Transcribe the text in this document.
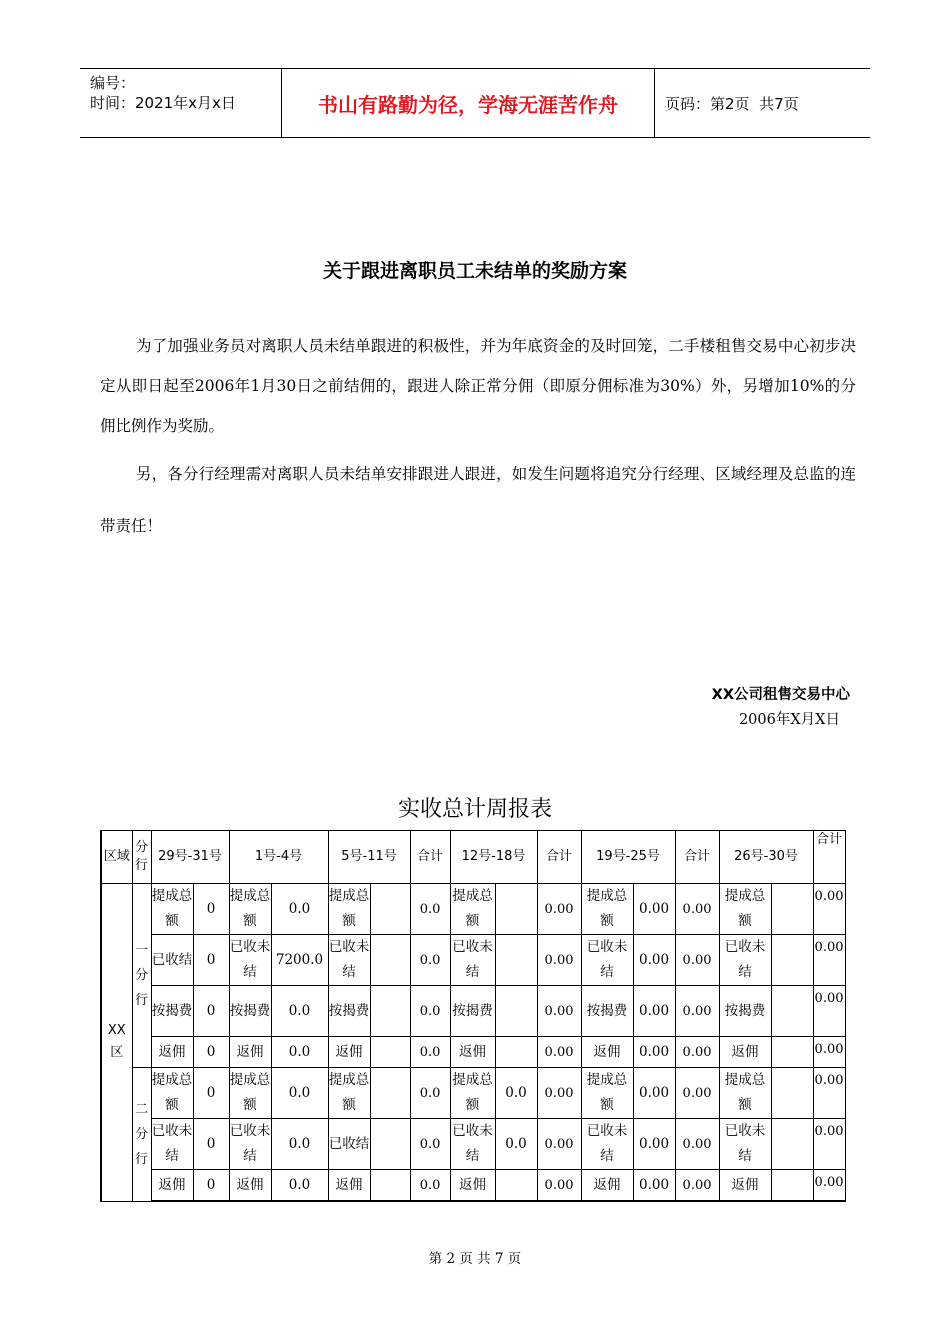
编号：
时间：2021年x月x日	书山有路勤为径，学海无涯苦作舟	页码：第2页  共7页
关于跟进离职员工未结单的奖励方案
为了加强业务员对离职人员未结单跟进的积极性，并为年底资金的及时回笼，二手楼租售交易中心初步决定从即日起至2006年1月30日之前结佣的，跟进人除正常分佣（即原分佣标准为30%）外，另增加10%的分佣比例作为奖励。
另，各分行经理需对离职人员未结单安排跟进人跟进，如发生问题将追究分行经理、区域经理及总监的连带责任！
XX公司租售交易中心
2006年X月X日
实收总计周报表
区域	分行	29号-31号		1号-4号		5号-11号		合计	12号-18号		合计	19号-25号		合计	26号-30号		合计
XX区	一分行	提成总额	0	提成总额	0.0	提成总额		0.0	提成总额		0.00	提成总额	0.00	0.00	提成总额		0.00
		已收结	0	已收未结	7200.0	已收未结		0.0	已收未结		0.00	已收未结	0.00	0.00	已收未结		0.00
		按揭费	0	按揭费	0.0	按揭费		0.0	按揭费		0.00	按揭费	0.00	0.00	按揭费		0.00
		返佣	0	返佣	0.0	返佣		0.0	返佣		0.00	返佣	0.00	0.00	返佣		0.00
	二分行	提成总额	0	提成总额	0.0	提成总额		0.0	提成总额	0.0	0.00	提成总额	0.00	0.00	提成总额		0.00
		已收未结	0	已收未结	0.0	已收结		0.0	已收未结	0.0	0.00	已收未结	0.00	0.00	已收未结		0.00
		返佣	0	返佣	0.0	返佣		0.0	返佣		0.00	返佣	0.00	0.00	返佣		0.00
第 2 页 共 7 页
